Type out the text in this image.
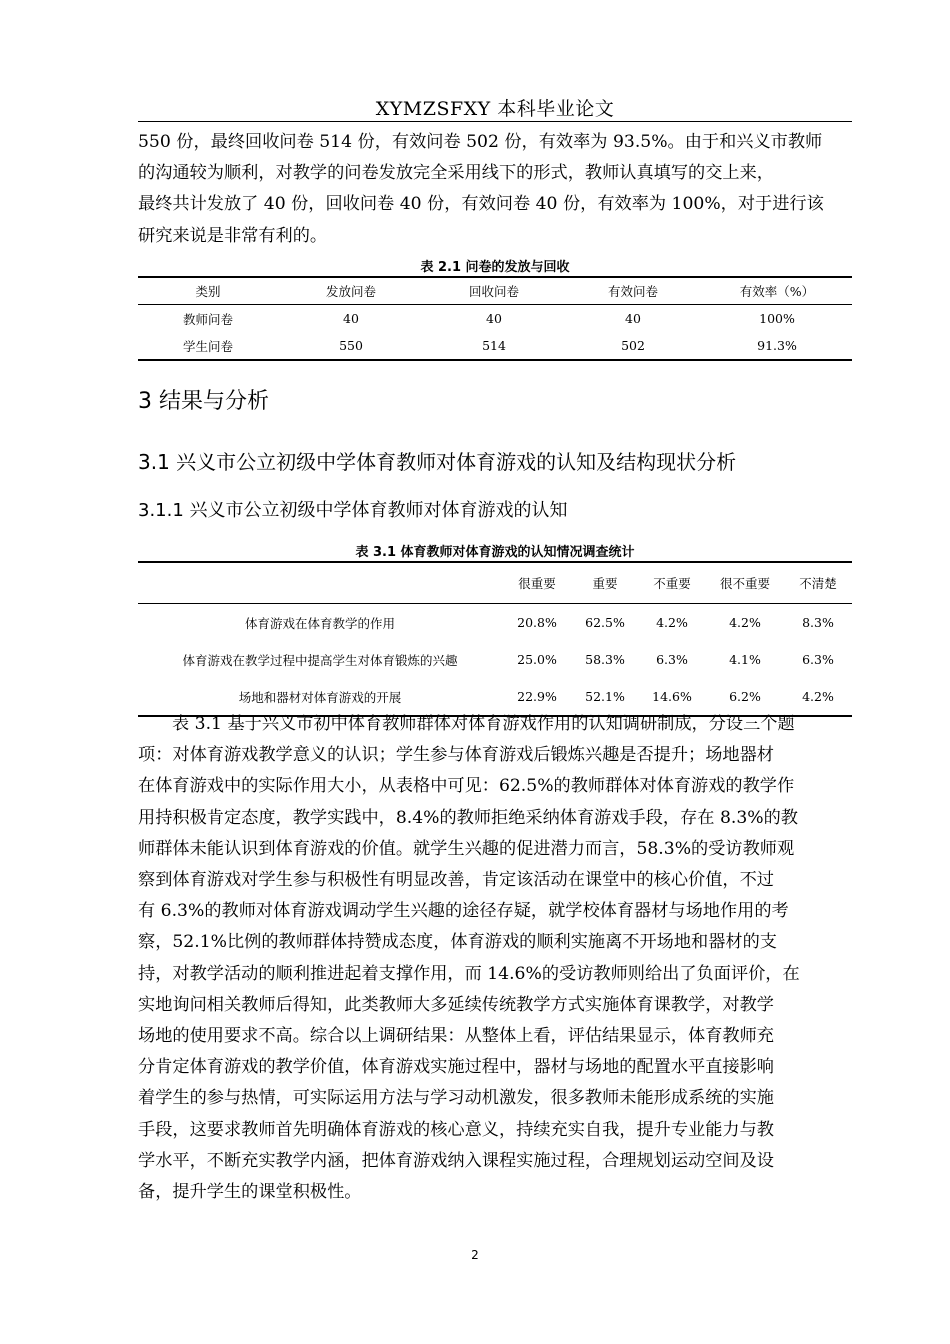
XYMZSFXY 本科毕业论文
550 份，最终回收问卷 514 份，有效问卷 502 份，有效率为 93.5%。由于和兴义市教师
的沟通较为顺利，对教学的问卷发放完全采用线下的形式，教师认真填写的交上来，
最终共计发放了 40 份，回收问卷 40 份，有效问卷 40 份，有效率为 100%，对于进行该
研究来说是非常有利的。
表 2.1 问卷的发放与回收
类别	发放问卷	回收问卷	有效问卷	有效率（%）
教师问卷	40	40	40	100%
学生问卷	550	514	502	91.3%
3 结果与分析
3.1 兴义市公立初级中学体育教师对体育游戏的认知及结构现状分析
3.1.1 兴义市公立初级中学体育教师对体育游戏的认知
表 3.1 体育教师对体育游戏的认知情况调查统计
	很重要	重要	不重要	很不重要	不清楚
体育游戏在体育教学的作用	20.8%	62.5%	4.2%	4.2%	8.3%
体育游戏在教学过程中提高学生对体育锻炼的兴趣	25.0%	58.3%	6.3%	4.1%	6.3%
场地和器材对体育游戏的开展	22.9%	52.1%	14.6%	6.2%	4.2%
表 3.1 基于兴义市初中体育教师群体对体育游戏作用的认知调研制成，分设三个题
项：对体育游戏教学意义的认识；学生参与体育游戏后锻炼兴趣是否提升；场地器材
在体育游戏中的实际作用大小，从表格中可见：62.5%的教师群体对体育游戏的教学作
用持积极肯定态度，教学实践中，8.4%的教师拒绝采纳体育游戏手段，存在 8.3%的教
师群体未能认识到体育游戏的价值。就学生兴趣的促进潜力而言，58.3%的受访教师观
察到体育游戏对学生参与积极性有明显改善，肯定该活动在课堂中的核心价值，不过
有 6.3%的教师对体育游戏调动学生兴趣的途径存疑，就学校体育器材与场地作用的考
察，52.1%比例的教师群体持赞成态度，体育游戏的顺利实施离不开场地和器材的支
持，对教学活动的顺利推进起着支撑作用，而 14.6%的受访教师则给出了负面评价，在
实地询问相关教师后得知，此类教师大多延续传统教学方式实施体育课教学，对教学
场地的使用要求不高。综合以上调研结果：从整体上看，评估结果显示，体育教师充
分肯定体育游戏的教学价值，体育游戏实施过程中，器材与场地的配置水平直接影响
着学生的参与热情，可实际运用方法与学习动机激发，很多教师未能形成系统的实施
手段，这要求教师首先明确体育游戏的核心意义，持续充实自我，提升专业能力与教
学水平，不断充实教学内涵，把体育游戏纳入课程实施过程，合理规划运动空间及设
备，提升学生的课堂积极性。
2
